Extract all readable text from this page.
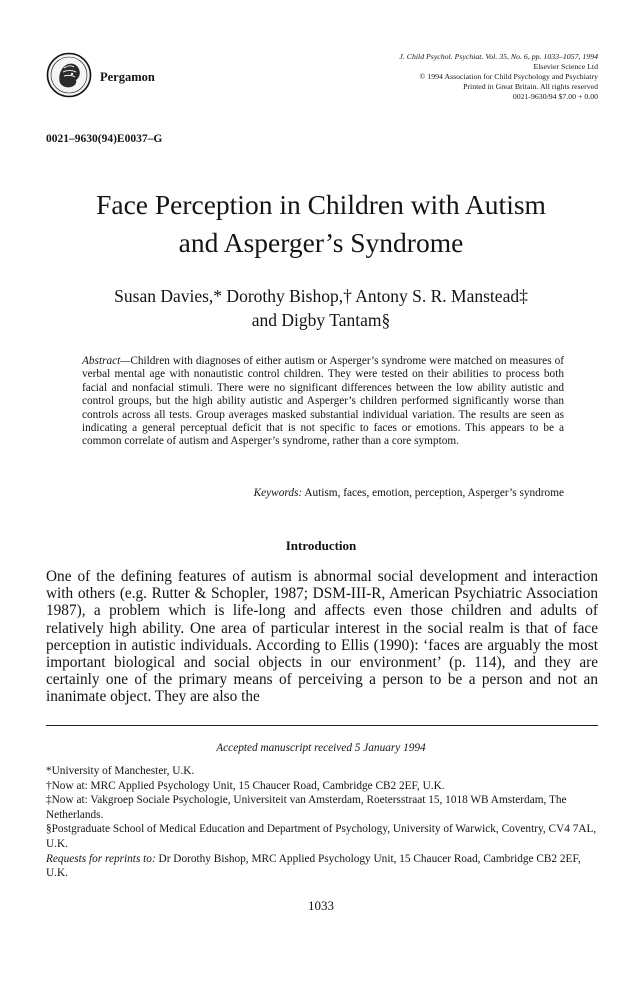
Pergamon
J. Child Psychol. Psychiat. Vol. 35, No. 6, pp. 1033–1057, 1994
Elsevier Science Ltd
© 1994 Association for Child Psychology and Psychiatry
Printed in Great Britain. All rights reserved
0021-9630/94 $7.00 + 0.00
0021–9630(94)E0037–G
Face Perception in Children with Autism
and Asperger’s Syndrome
Susan Davies,* Dorothy Bishop,† Antony S. R. Manstead‡
and Digby Tantam§
Abstract—Children with diagnoses of either autism or Asperger’s syndrome were matched on measures of verbal mental age with nonautistic control children. They were tested on their abilities to process both facial and nonfacial stimuli. There were no significant differences between the low ability autistic and control groups, but the high ability autistic and Asperger’s children performed significantly worse than controls across all tests. Group averages masked substantial individual variation. The results are seen as indicating a general perceptual deficit that is not specific to faces or emotions. This appears to be a common correlate of autism and Asperger’s syndrome, rather than a core symptom.
Keywords: Autism, faces, emotion, perception, Asperger’s syndrome
Introduction
One of the defining features of autism is abnormal social development and interaction with others (e.g. Rutter & Schopler, 1987; DSM-III-R, American Psychiatric Association 1987), a problem which is life-long and affects even those children and adults of relatively high ability. One area of particular interest in the social realm is that of face perception in autistic individuals. According to Ellis (1990): ‘faces are arguably the most important biological and social objects in our environment’ (p. 114), and they are certainly one of the primary means of perceiving a person to be a person and not an inanimate object. They are also the
Accepted manuscript received 5 January 1994
*University of Manchester, U.K.
†Now at: MRC Applied Psychology Unit, 15 Chaucer Road, Cambridge CB2 2EF, U.K.
‡Now at: Vakgroep Sociale Psychologie, Universiteit van Amsterdam, Roetersstraat 15, 1018 WB Amsterdam, The Netherlands.
§Postgraduate School of Medical Education and Department of Psychology, University of Warwick, Coventry, CV4 7AL, U.K.
Requests for reprints to: Dr Dorothy Bishop, MRC Applied Psychology Unit, 15 Chaucer Road, Cambridge CB2 2EF, U.K.
1033
